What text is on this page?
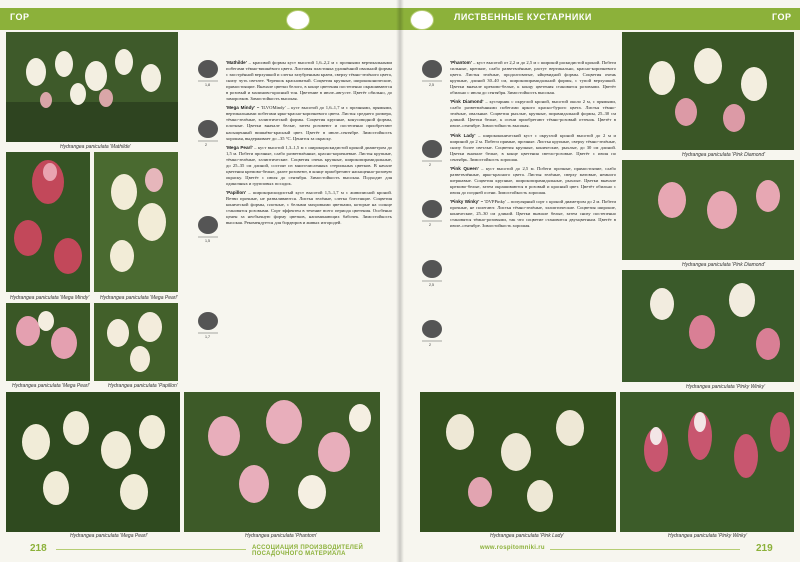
ГОР
Hydrangea paniculata 'Mathilde'
Hydrangea paniculata 'Mega Mindy' Hydrangea paniculata 'Mega Pearl'
Hydrangea paniculata 'Mega Pearl'	Hydrangea paniculata 'Papillon'
Hydrangea paniculata 'Mega Pearl'	Hydrangea paniculata 'Phantom'
1,8
2
1,5
1,7

'Mathilde' – красивой формы куст высотой 1,6–2,2 м с прочными вертикальными побегами тёмно-вишнёвого цвета. Листовая пластинка удлинённой овальной формы с заострённой верхушкой и слегка зазубренным краем, сверху тёмно-зелёного цвета, снизу чуть светлее. Черешок красноватый. Соцветия крупные, ширококонические, прямостоящие. Вначале цветки белого, в конце цветения постепенно окрашиваются в розовый и малиново-красный тон. Цветение в июле–августе. Цветёт обильно, до заморозков. Зимостойкость высокая.

'Mega Mindy' = 'ILVOMindy' – куст высотой до 1,6–1,7 м с прочными, прямыми, вертикальными побегами ярко-красно-коричневого цвета. Листья среднего размера, тёмно-зелёные, эллиптической формы. Соцветия крупные, конусовидной формы, плотные. Цветки вначале белые, затем розовеют и постепенно приобретают насыщенный вишнёво-красный цвет. Цветёт в июле–сентябре. Зимостойкость хорошая, выдерживает до –35 °С. Ценится за окраску.

'Mega Pearl' – куст высотой 1,3–1,5 м с широкораскидистой кроной диаметром до 1,5 м. Побеги прочные, слабо разветвлённые, красно-коричневые. Листья крупные, тёмно-зелёные, эллиптические. Соцветия очень крупные, широкопирамидальные, до 25–35 см длиной, состоят из многочисленных стерильных цветков. В начале цветения кремово-белые, далее розовеют, в конце приобретают насыщенно-розовую окраску. Цветёт с июля до сентября. Зимостойкость высокая. Подходит для одиночных и групповых посадок.

'Papillon' – широкораскидистый куст высотой 1,5–1,7 м с живописной кроной. Ветви прочные, не разваливаются. Листья зелёные, слегка блестящие. Соцветия конической формы, плотные, с белыми махровыми цветками, которые на солнце становятся розовыми. Сорт эффектен в течение всего периода цветения. Особенно ценен за необычную форму цветков, напоминающих бабочек. Зимостойкость высокая. Рекомендуется для бордюров и живых изгородей.

218	АССОЦИАЦИЯ ПРОИЗВОДИТЕЛЕЙ ПОСАДОЧНОГО МАТЕРИАЛА
ЛИСТВЕННЫЕ КУСТАРНИКИ	ГОР
2,5
2
2
2,5
2

'Phantom' – куст высотой от 2,2 м до 2,5 м с широкой раскидистой кроной. Побеги сильные, крепкие, слабо разветвлённые, растут вертикально, красно-коричневого цвета. Листья зелёные, продолговатые, яйцевидной формы. Соцветия очень крупные, длиной 30–40 см, широкопирамидальной формы, с тупой верхушкой. Цветки вначале кремово-белые, к концу цветения становятся розовыми. Цветёт обильно с июля до сентября. Зимостойкость высокая.

'Pink Diamond' – кустарник с округлой кроной, высотой около 2 м, с прямыми, слабо разветвлёнными побегами яркого красно-бурого цвета. Листья тёмно-зелёные, овальные. Соцветия рыхлые, крупные, пирамидальной формы, 25–30 см длиной. Цветки белые, к осени приобретают тёмно-розовый оттенок. Цветёт в июле–сентябре. Зимостойкость высокая.

'Pink Lady' – ширококонический куст с округлой кроной высотой до 2 м и шириной до 2 м. Побеги прямые, прочные. Листья крупные, сверху тёмно-зелёные, снизу более светлые. Соцветия крупные, конические, рыхлые, до 30 см длиной. Цветки вначале белые, в конце цветения светло-розовые. Цветёт с июля по сентябрь. Зимостойкость хорошая.

'Pink Queen' – куст высотой до 2,5 м. Побеги прочные, прямостоячие, слабо разветвлённые, ярко-красного цвета. Листья зелёные, сверху матовые, немного шершавые. Соцветия крупные, широкопирамидальные, рыхлые. Цветки вначале кремово-белые, затем окрашиваются в розовый и красный цвет. Цветёт обильно с июля до поздней осени. Зимостойкость хорошая.

'Pinky Winky' = 'DVPPinky' – популярный сорт с кроной диаметром до 2 м. Побеги прочные, не полегают. Листья тёмно-зелёные, эллиптические. Соцветия широкие, конические, 25–30 см длиной. Цветки вначале белые, затем снизу постепенно становятся тёмно-розовыми, так что соцветие становится двухцветным. Цветёт в июле–сентябре. Зимостойкость хорошая.

Hydrangea paniculata 'Pink Diamond'
Hydrangea paniculata 'Pink Diamond'
Hydrangea paniculata 'Pinky Winky'
Hydrangea paniculata 'Pink Lady'	Hydrangea paniculata 'Pinky Winky'
www.rospitomniki.ru	219
